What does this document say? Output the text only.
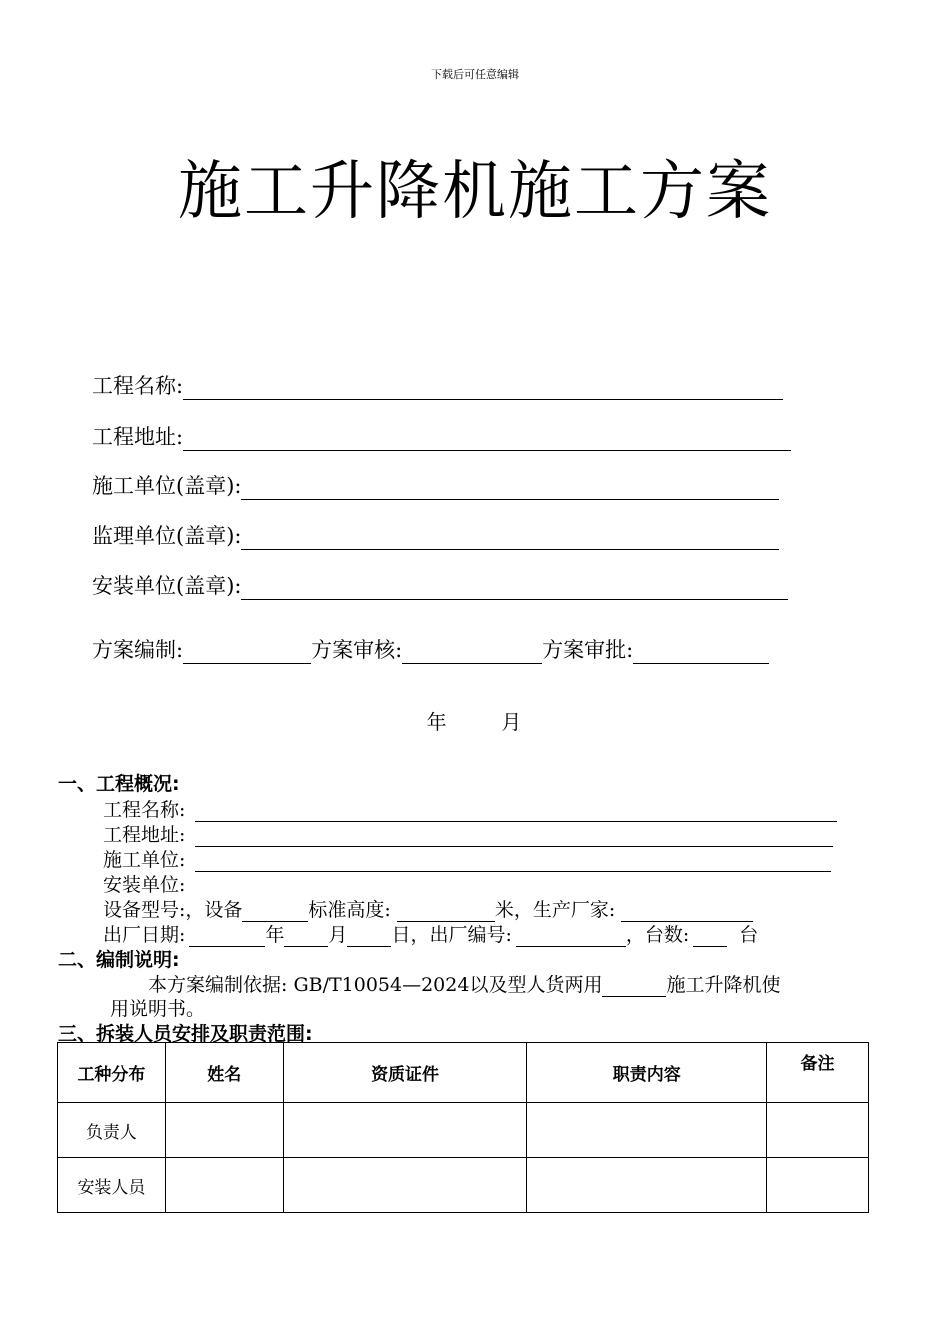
下载后可任意编辑
施工升降机施工方案
工程名称:
工程地址:
施工单位(盖章):
监理单位(盖章):
安装单位(盖章):
方案编制:	方案审核:	方案审批:
年	月
一、工程概况:
工程名称:
工程地址:
施工单位:
安装单位:
设备型号:，设备	标准高度:	米，生产厂家:
出厂日期:	年 月 日，出厂编号:	，台数:	台
二、编制说明:
本方案编制依据: GB/T10054—2024以及型人货两用	施工升降机使
用说明书。
三、拆装人员安排及职责范围:
工种分布	姓名	资质证件	职责内容	备注
负责人				
安装人员				
